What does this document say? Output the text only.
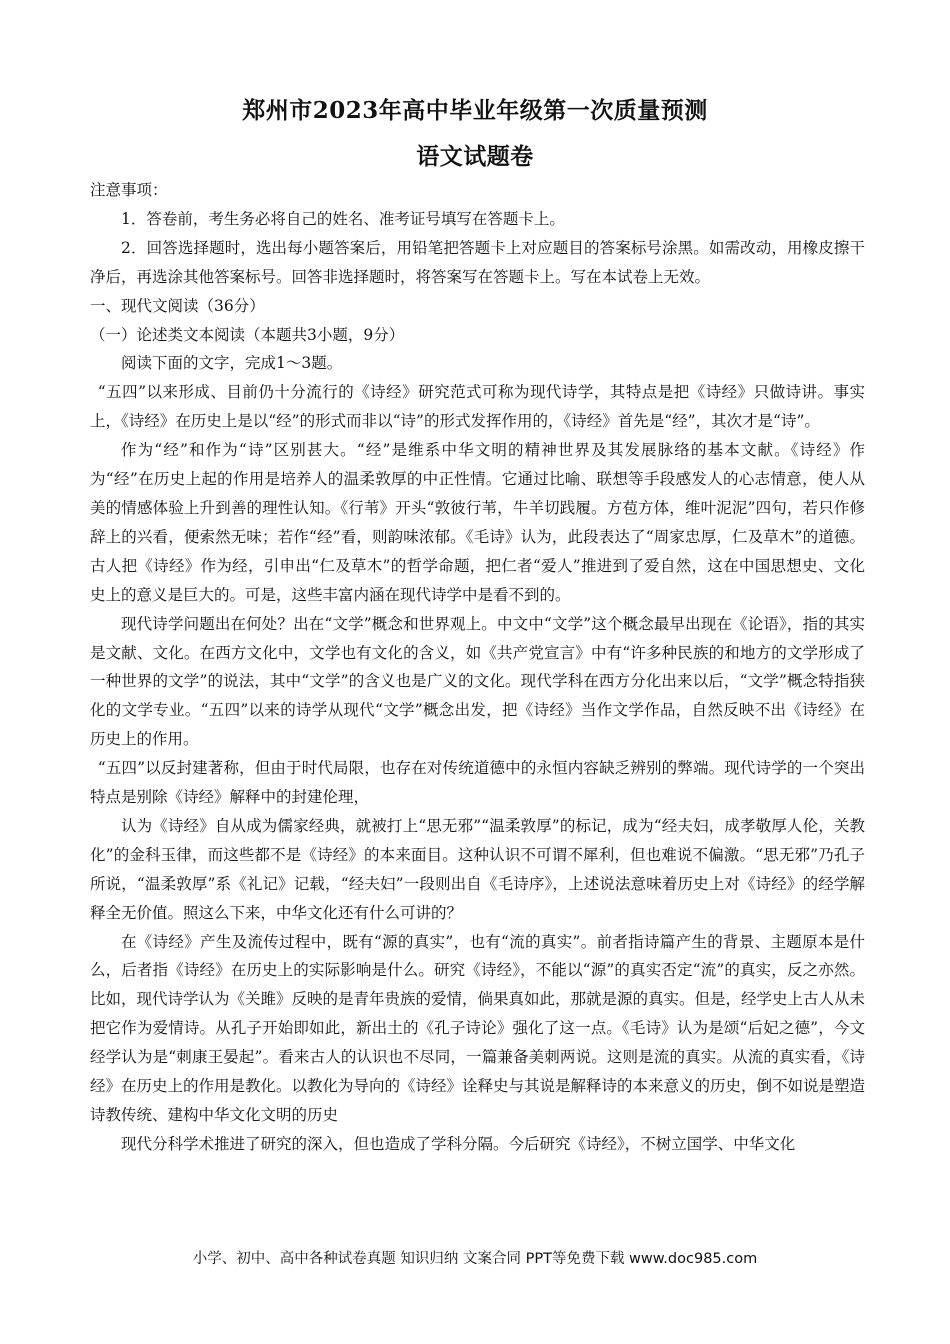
郑州市2023年高中毕业年级第一次质量预测
语文试题卷

注意事项：

1．答卷前，考生务必将自己的姓名、准考证号填写在答题卡上。

2．回答选择题时，选出每小题答案后，用铅笔把答题卡上对应题目的答案标号涂黑。如需改动，用橡皮擦干净后，再选涂其他答案标号。回答非选择题时，将答案写在答题卡上。写在本试卷上无效。

一、现代文阅读（36分）

（一）论述类文本阅读（本题共3小题，9分）

阅读下面的文字，完成1～3题。

“五四”以来形成、目前仍十分流行的《诗经》研究范式可称为现代诗学，其特点是把《诗经》只做诗讲。事实上，《诗经》在历史上是以“经”的形式而非以“诗”的形式发挥作用的，《诗经》首先是“经”，其次才是“诗”。

作为“经”和作为“诗”区别甚大。“经”是维系中华文明的精神世界及其发展脉络的基本文献。《诗经》作为“经”在历史上起的作用是培养人的温柔敦厚的中正性情。它通过比喻、联想等手段感发人的心志情意，使人从美的情感体验上升到善的理性认知。《行苇》开头“敦彼行苇，牛羊切践履。方苞方体，维叶泥泥”四句，若只作修辞上的兴看，便索然无味；若作“经”看，则韵味浓郁。《毛诗》认为，此段表达了“周家忠厚，仁及草木”的道德。古人把《诗经》作为经，引申出“仁及草木”的哲学命题，把仁者“爱人”推进到了爱自然，这在中国思想史、文化史上的意义是巨大的。可是，这些丰富内涵在现代诗学中是看不到的。

现代诗学问题出在何处？出在“文学”概念和世界观上。中文中“文学”这个概念最早出现在《论语》，指的其实是文献、文化。在西方文化中，文学也有文化的含义，如《共产党宣言》中有“许多种民族的和地方的文学形成了一种世界的文学”的说法，其中“文学”的含义也是广义的文化。现代学科在西方分化出来以后，“文学”概念特指狭化的文学专业。“五四”以来的诗学从现代“文学”概念出发，把《诗经》当作文学作品，自然反映不出《诗经》在历史上的作用。

“五四”以反封建著称，但由于时代局限，也存在对传统道德中的永恒内容缺乏辨别的弊端。现代诗学的一个突出特点是别除《诗经》解释中的封建伦理，

认为《诗经》自从成为儒家经典，就被打上“思无邪”“温柔敦厚”的标记，成为“经夫妇，成孝敬厚人伦，关教化”的金科玉律，而这些都不是《诗经》的本来面目。这种认识不可谓不犀利，但也难说不偏激。“思无邪”乃孔子所说，“温柔敦厚”系《礼记》记载，“经夫妇”一段则出自《毛诗序》，上述说法意味着历史上对《诗经》的经学解释全无价值。照这么下来，中华文化还有什么可讲的？

在《诗经》产生及流传过程中，既有“源的真实”，也有“流的真实”。前者指诗篇产生的背景、主题原本是什么，后者指《诗经》在历史上的实际影响是什么。研究《诗经》，不能以“源”的真实否定“流”的真实，反之亦然。比如，现代诗学认为《关雎》反映的是青年贵族的爱情，倘果真如此，那就是源的真实。但是，经学史上古人从未把它作为爱情诗。从孔子开始即如此，新出土的《孔子诗论》强化了这一点。《毛诗》认为是颂“后妃之德”，今文经学认为是“刺康王晏起”。看来古人的认识也不尽同，一篇兼备美刺两说。这则是流的真实。从流的真实看，《诗经》在历史上的作用是教化。以教化为导向的《诗经》诠释史与其说是解释诗的本来意义的历史，倒不如说是塑造诗教传统、建构中华文化文明的历史

现代分科学术推进了研究的深入，但也造成了学科分隔。今后研究《诗经》，不树立国学、中华文化

小学、初中、高中各种试卷真题 知识归纳 文案合同 PPT等免费下载 www.doc985.com
